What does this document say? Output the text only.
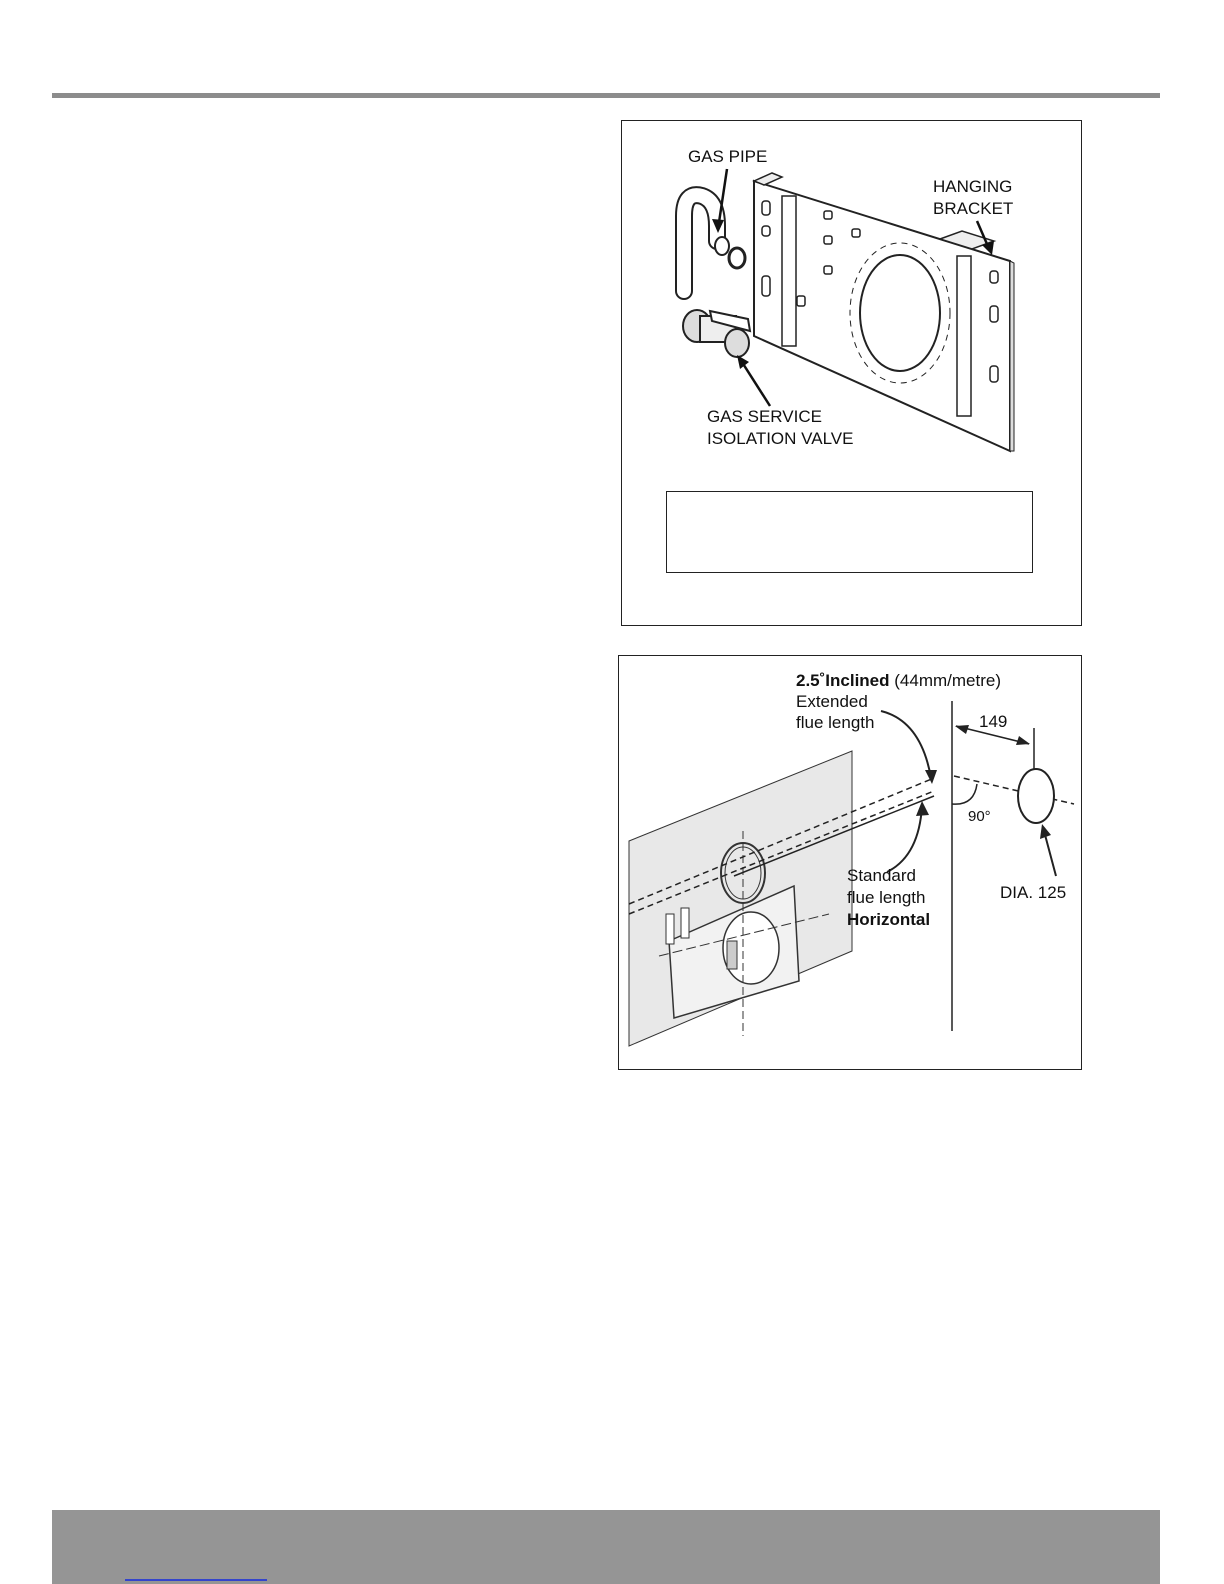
GAS PIPE
HANGING
BRACKET
GAS SERVICE
ISOLATION VALVE
2.5˚Inclined (44mm/metre)
Extended
flue length	149
90°
Standard
flue length
Horizontal
DIA. 125
